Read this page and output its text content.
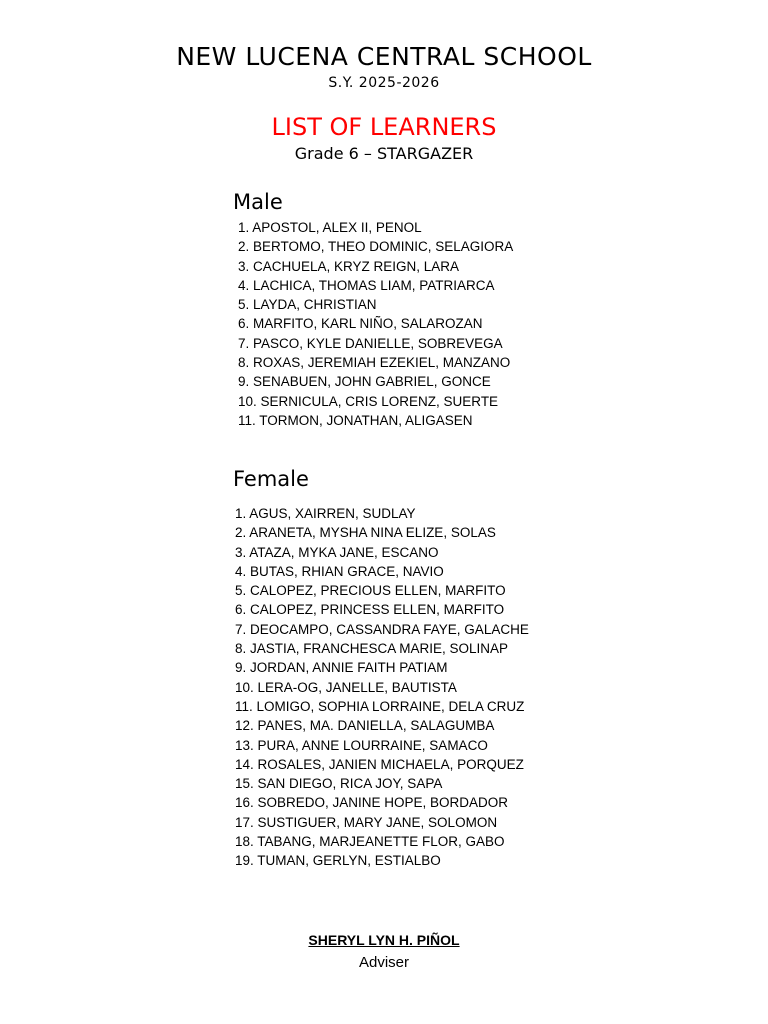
NEW LUCENA CENTRAL SCHOOL
S.Y. 2025-2026
LIST OF LEARNERS
Grade 6 – STARGAZER
Male
1. APOSTOL, ALEX II, PENOL
2. BERTOMO, THEO DOMINIC, SELAGIORA
3. CACHUELA, KRYZ REIGN, LARA
4. LACHICA, THOMAS LIAM, PATRIARCA
5. LAYDA, CHRISTIAN
6. MARFITO, KARL NIÑO, SALAROZAN
7. PASCO, KYLE DANIELLE, SOBREVEGA
8. ROXAS, JEREMIAH EZEKIEL, MANZANO
9. SENABUEN, JOHN GABRIEL, GONCE
10. SERNICULA, CRIS LORENZ, SUERTE
11. TORMON, JONATHAN, ALIGASEN
Female
1. AGUS, XAIRREN, SUDLAY
2. ARANETA, MYSHA NINA ELIZE, SOLAS
3. ATAZA, MYKA JANE, ESCANO
4. BUTAS, RHIAN GRACE, NAVIO
5. CALOPEZ, PRECIOUS ELLEN, MARFITO
6. CALOPEZ, PRINCESS ELLEN, MARFITO
7. DEOCAMPO, CASSANDRA FAYE, GALACHE
8. JASTIA, FRANCHESCA MARIE, SOLINAP
9. JORDAN, ANNIE FAITH PATIAM
10. LERA-OG, JANELLE, BAUTISTA
11. LOMIGO, SOPHIA LORRAINE, DELA CRUZ
12. PANES, MA. DANIELLA, SALAGUMBA
13. PURA, ANNE LOURRAINE, SAMACO
14. ROSALES, JANIEN MICHAELA, PORQUEZ
15. SAN DIEGO, RICA JOY, SAPA
16. SOBREDO, JANINE HOPE, BORDADOR
17. SUSTIGUER, MARY JANE, SOLOMON
18. TABANG, MARJEANETTE FLOR, GABO
19. TUMAN, GERLYN, ESTIALBO
SHERYL LYN H. PIÑOL
Adviser
